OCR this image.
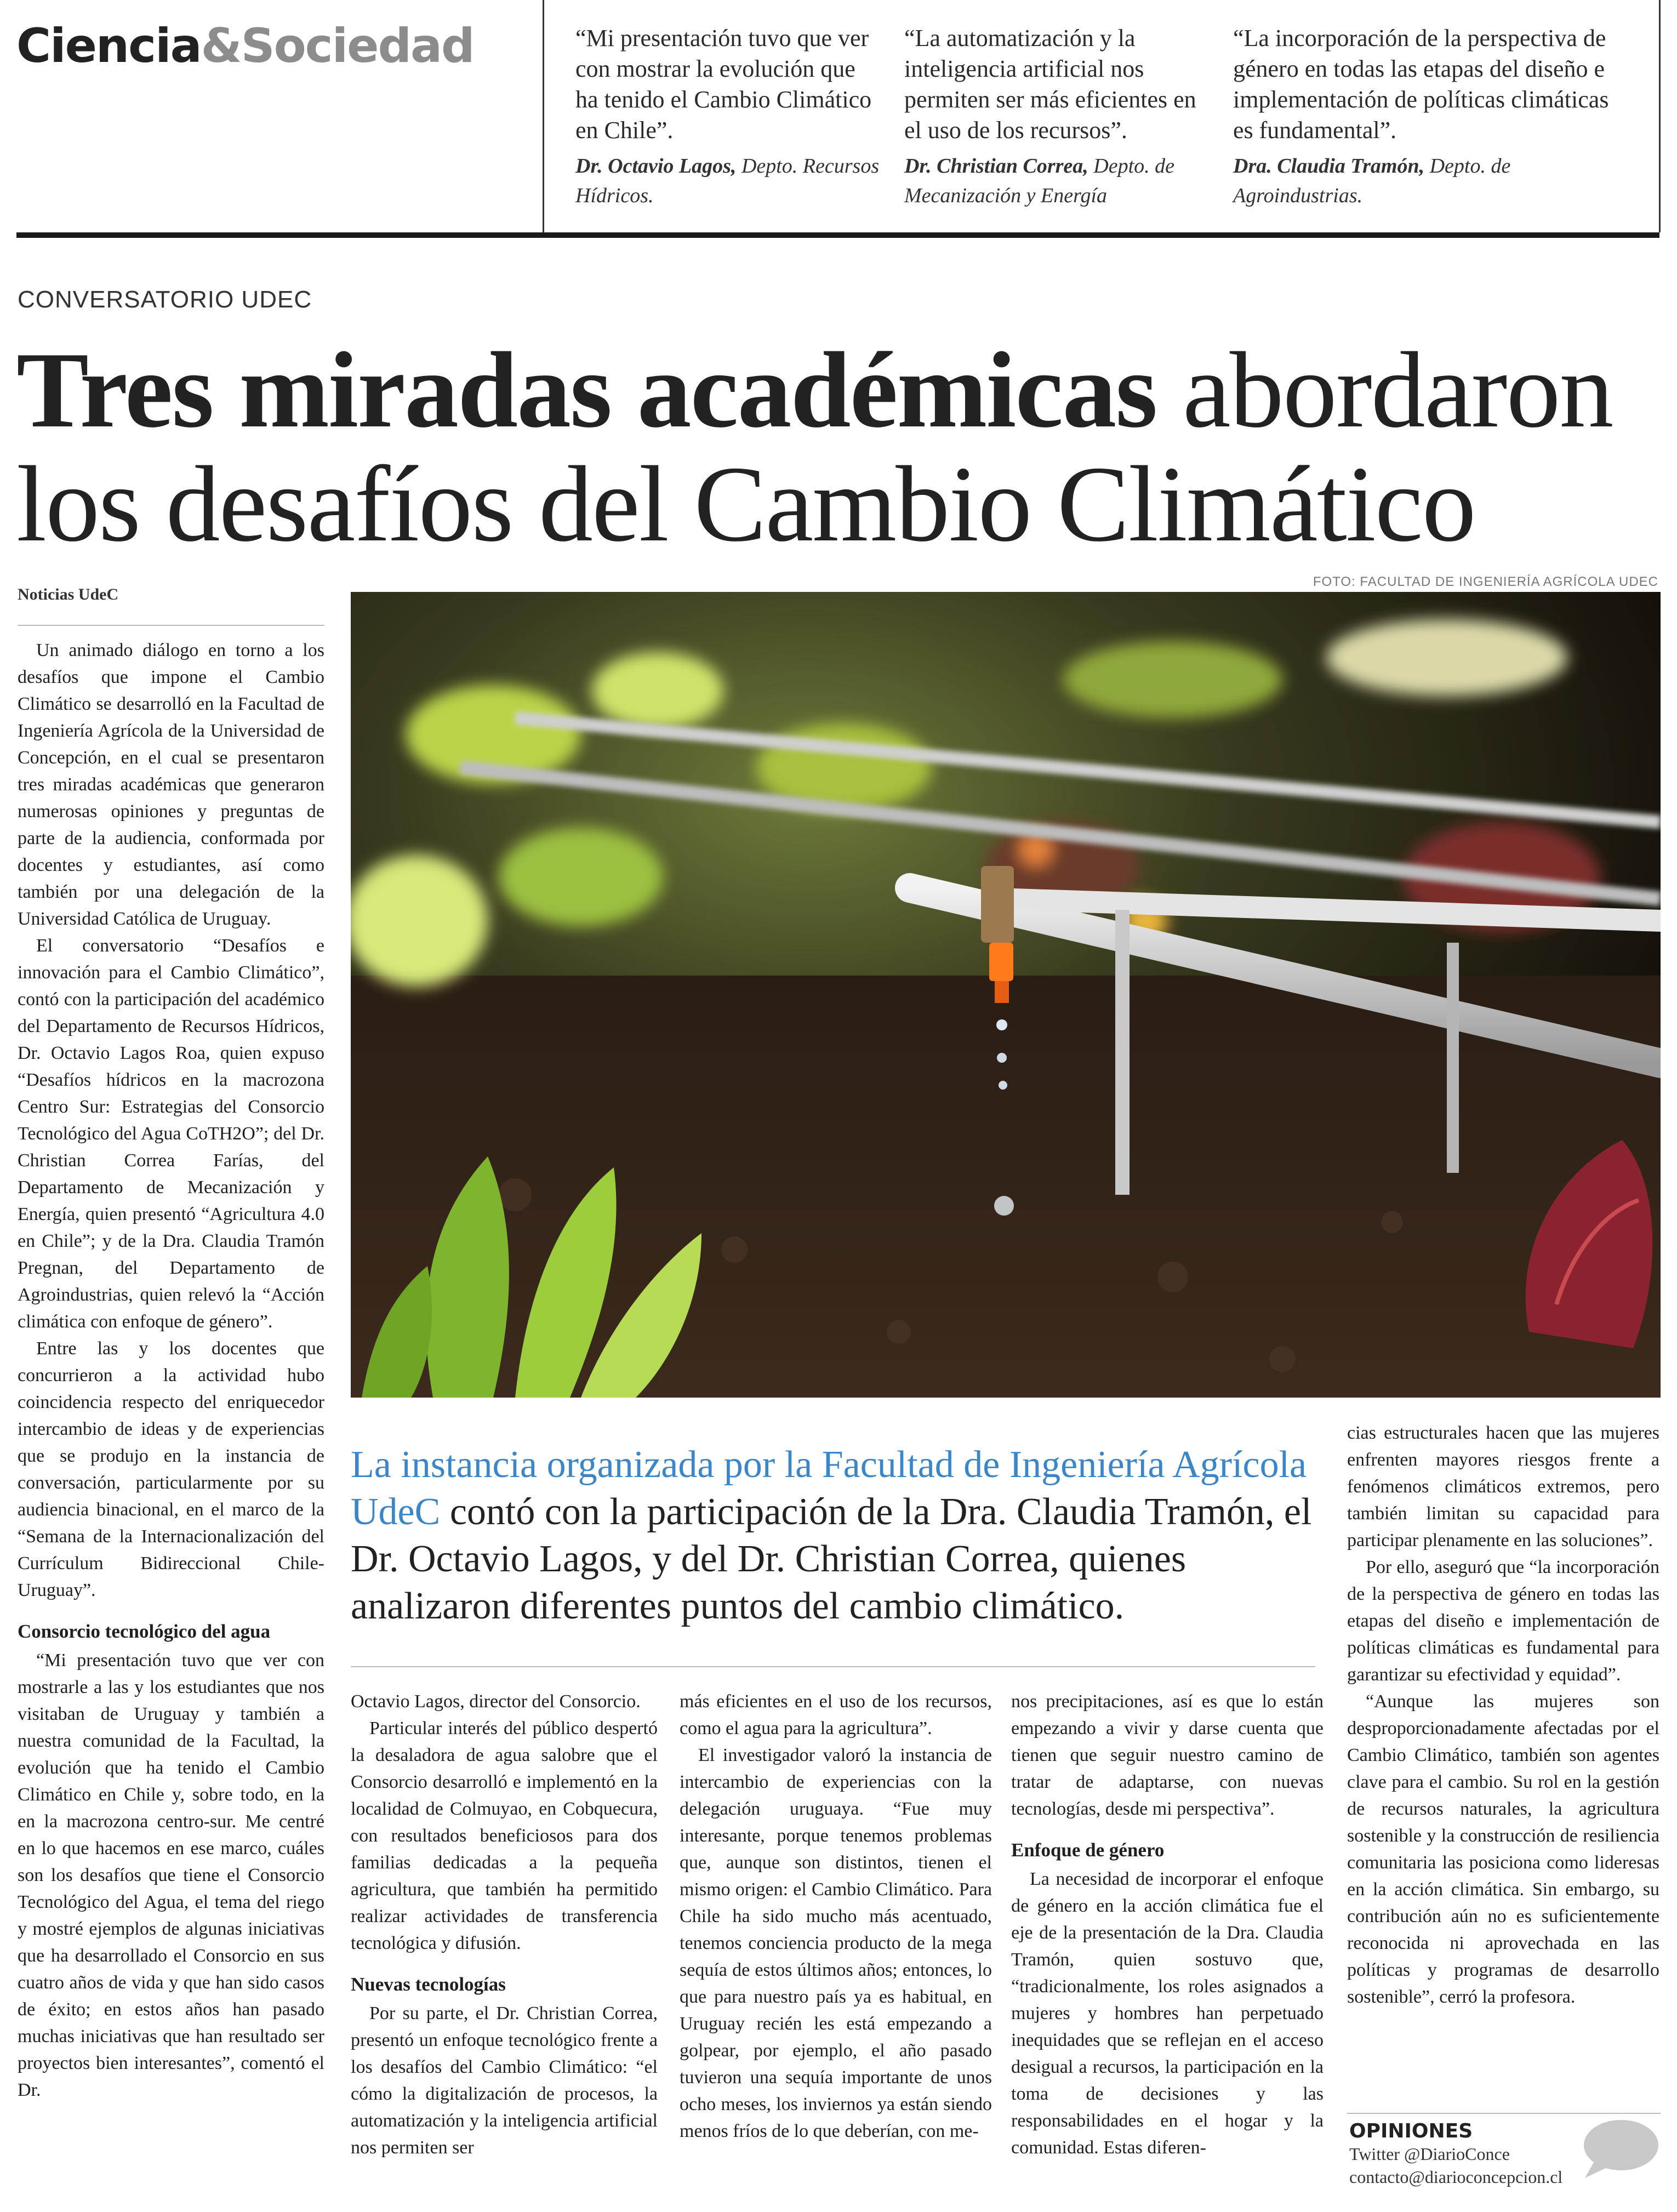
Ciencia&Sociedad	“Mi presentación tuvo que ver con mostrar la evolución que ha tenido el Cambio Climático en Chile”.
Dr. Octavio Lagos, Depto. Recursos Hídricos.
“La automatización y la inteligencia artificial nos permiten ser más eficientes en el uso de los recursos”.
Dr. Christian Correa, Depto. de Mecanización y Energía
“La incorporación de la perspectiva de género en todas las etapas del diseño e implementación de políticas climáticas es fundamental”.
Dra. Claudia Tramón, Depto. de Agroindustrias.
CONVERSATORIO UDEC
Tres miradas académicas abordaron los desafíos del Cambio Climático
Noticias UdeC
FOTO: FACULTAD DE INGENIERÍA AGRÍCOLA UDEC
La instancia organizada por la Facultad de Ingeniería Agrícola UdeC contó con la participación de la Dra. Claudia Tramón, el Dr. Octavio Lagos, y del Dr. Christian Correa, quienes analizaron diferentes puntos del cambio climático.

Un animado diálogo en torno a los desafíos que impone el Cambio Climático se desarrolló en la Facultad de Ingeniería Agrícola de la Universidad de Concepción, en el cual se presentaron tres miradas académicas que generaron numerosas opiniones y preguntas de parte de la audiencia, conformada por docentes y estudiantes, así como también por una delegación de la Universidad Católica de Uruguay.

El conversatorio “Desafíos e innovación para el Cambio Climático”, contó con la participación del académico del Departamento de Recursos Hídricos, Dr. Octavio Lagos Roa, quien expuso “Desafíos hídricos en la macrozona Centro Sur: Estrategias del Consorcio Tecnológico del Agua CoTH2O”; del Dr. Christian Correa Farías, del Departamento de Mecanización y Energía, quien presentó “Agricultura 4.0 en Chile”; y de la Dra. Claudia Tramón Pregnan, del Departamento de Agroindustrias, quien relevó la “Acción climática con enfoque de género”.

Entre las y los docentes que concurrieron a la actividad hubo coincidencia respecto del enriquecedor intercambio de ideas y de experiencias que se produjo en la instancia de conversación, particularmente por su audiencia binacional, en el marco de la “Semana de la Internacionalización del Currículum Bidireccional Chile-Uruguay”.

Consorcio tecnológico del agua

“Mi presentación tuvo que ver con mostrarle a las y los estudiantes que nos visitaban de Uruguay y también a nuestra comunidad de la Facultad, la evolución que ha tenido el Cambio Climático en Chile y, sobre todo, en la en la macrozona centro-sur. Me centré en lo que hacemos en ese marco, cuáles son los desafíos que tiene el Consorcio Tecnológico del Agua, el tema del riego y mostré ejemplos de algunas iniciativas que ha desarrollado el Consorcio en sus cuatro años de vida y que han sido casos de éxito; en estos años han pasado muchas iniciativas que han resultado ser proyectos bien interesantes”, comentó el Dr.

Octavio Lagos, director del Consorcio.

Particular interés del público despertó la desaladora de agua salobre que el Consorcio desarrolló e implementó en la localidad de Colmuyao, en Cobquecura, con resultados beneficiosos para dos familias dedicadas a la pequeña agricultura, que también ha permitido realizar actividades de transferencia tecnológica y difusión.

Nuevas tecnologías

Por su parte, el Dr. Christian Correa, presentó un enfoque tecnológico frente a los desafíos del Cambio Climático: “el cómo la digitalización de procesos, la automatización y la inteligencia artificial nos permiten ser

más eficientes en el uso de los recursos, como el agua para la agricultura”.

El investigador valoró la instancia de intercambio de experiencias con la delegación uruguaya. “Fue muy interesante, porque tenemos problemas que, aunque son distintos, tienen el mismo origen: el Cambio Climático. Para Chile ha sido mucho más acentuado, tenemos conciencia producto de la mega sequía de estos últimos años; entonces, lo que para nuestro país ya es habitual, en Uruguay recién les está empezando a golpear, por ejemplo, el año pasado tuvieron una sequía importante de unos ocho meses, los inviernos ya están siendo menos fríos de lo que deberían, con me-

nos precipitaciones, así es que lo están empezando a vivir y darse cuenta que tienen que seguir nuestro camino de tratar de adaptarse, con nuevas tecnologías, desde mi perspectiva”.

Enfoque de género

La necesidad de incorporar el enfoque de género en la acción climática fue el eje de la presentación de la Dra. Claudia Tramón, quien sostuvo que, “tradicionalmente, los roles asignados a mujeres y hombres han perpetuado inequidades que se reflejan en el acceso desigual a recursos, la participación en la toma de decisiones y las responsabilidades en el hogar y la comunidad. Estas diferen-

cias estructurales hacen que las mujeres enfrenten mayores riesgos frente a fenómenos climáticos extremos, pero también limitan su capacidad para participar plenamente en las soluciones”.

Por ello, aseguró que “la incorporación de la perspectiva de género en todas las etapas del diseño e implementación de políticas climáticas es fundamental para garantizar su efectividad y equidad”.

“Aunque las mujeres son desproporcionadamente afectadas por el Cambio Climático, también son agentes clave para el cambio. Su rol en la gestión de recursos naturales, la agricultura sostenible y la construcción de resiliencia comunitaria las posiciona como lideresas en la acción climática. Sin embargo, su contribución aún no es suficientemente reconocida ni aprovechada en las políticas y programas de desarrollo sostenible”, cerró la profesora.

OPINIONES
Twitter @DiarioConce
contacto@diarioconcepcion.cl
